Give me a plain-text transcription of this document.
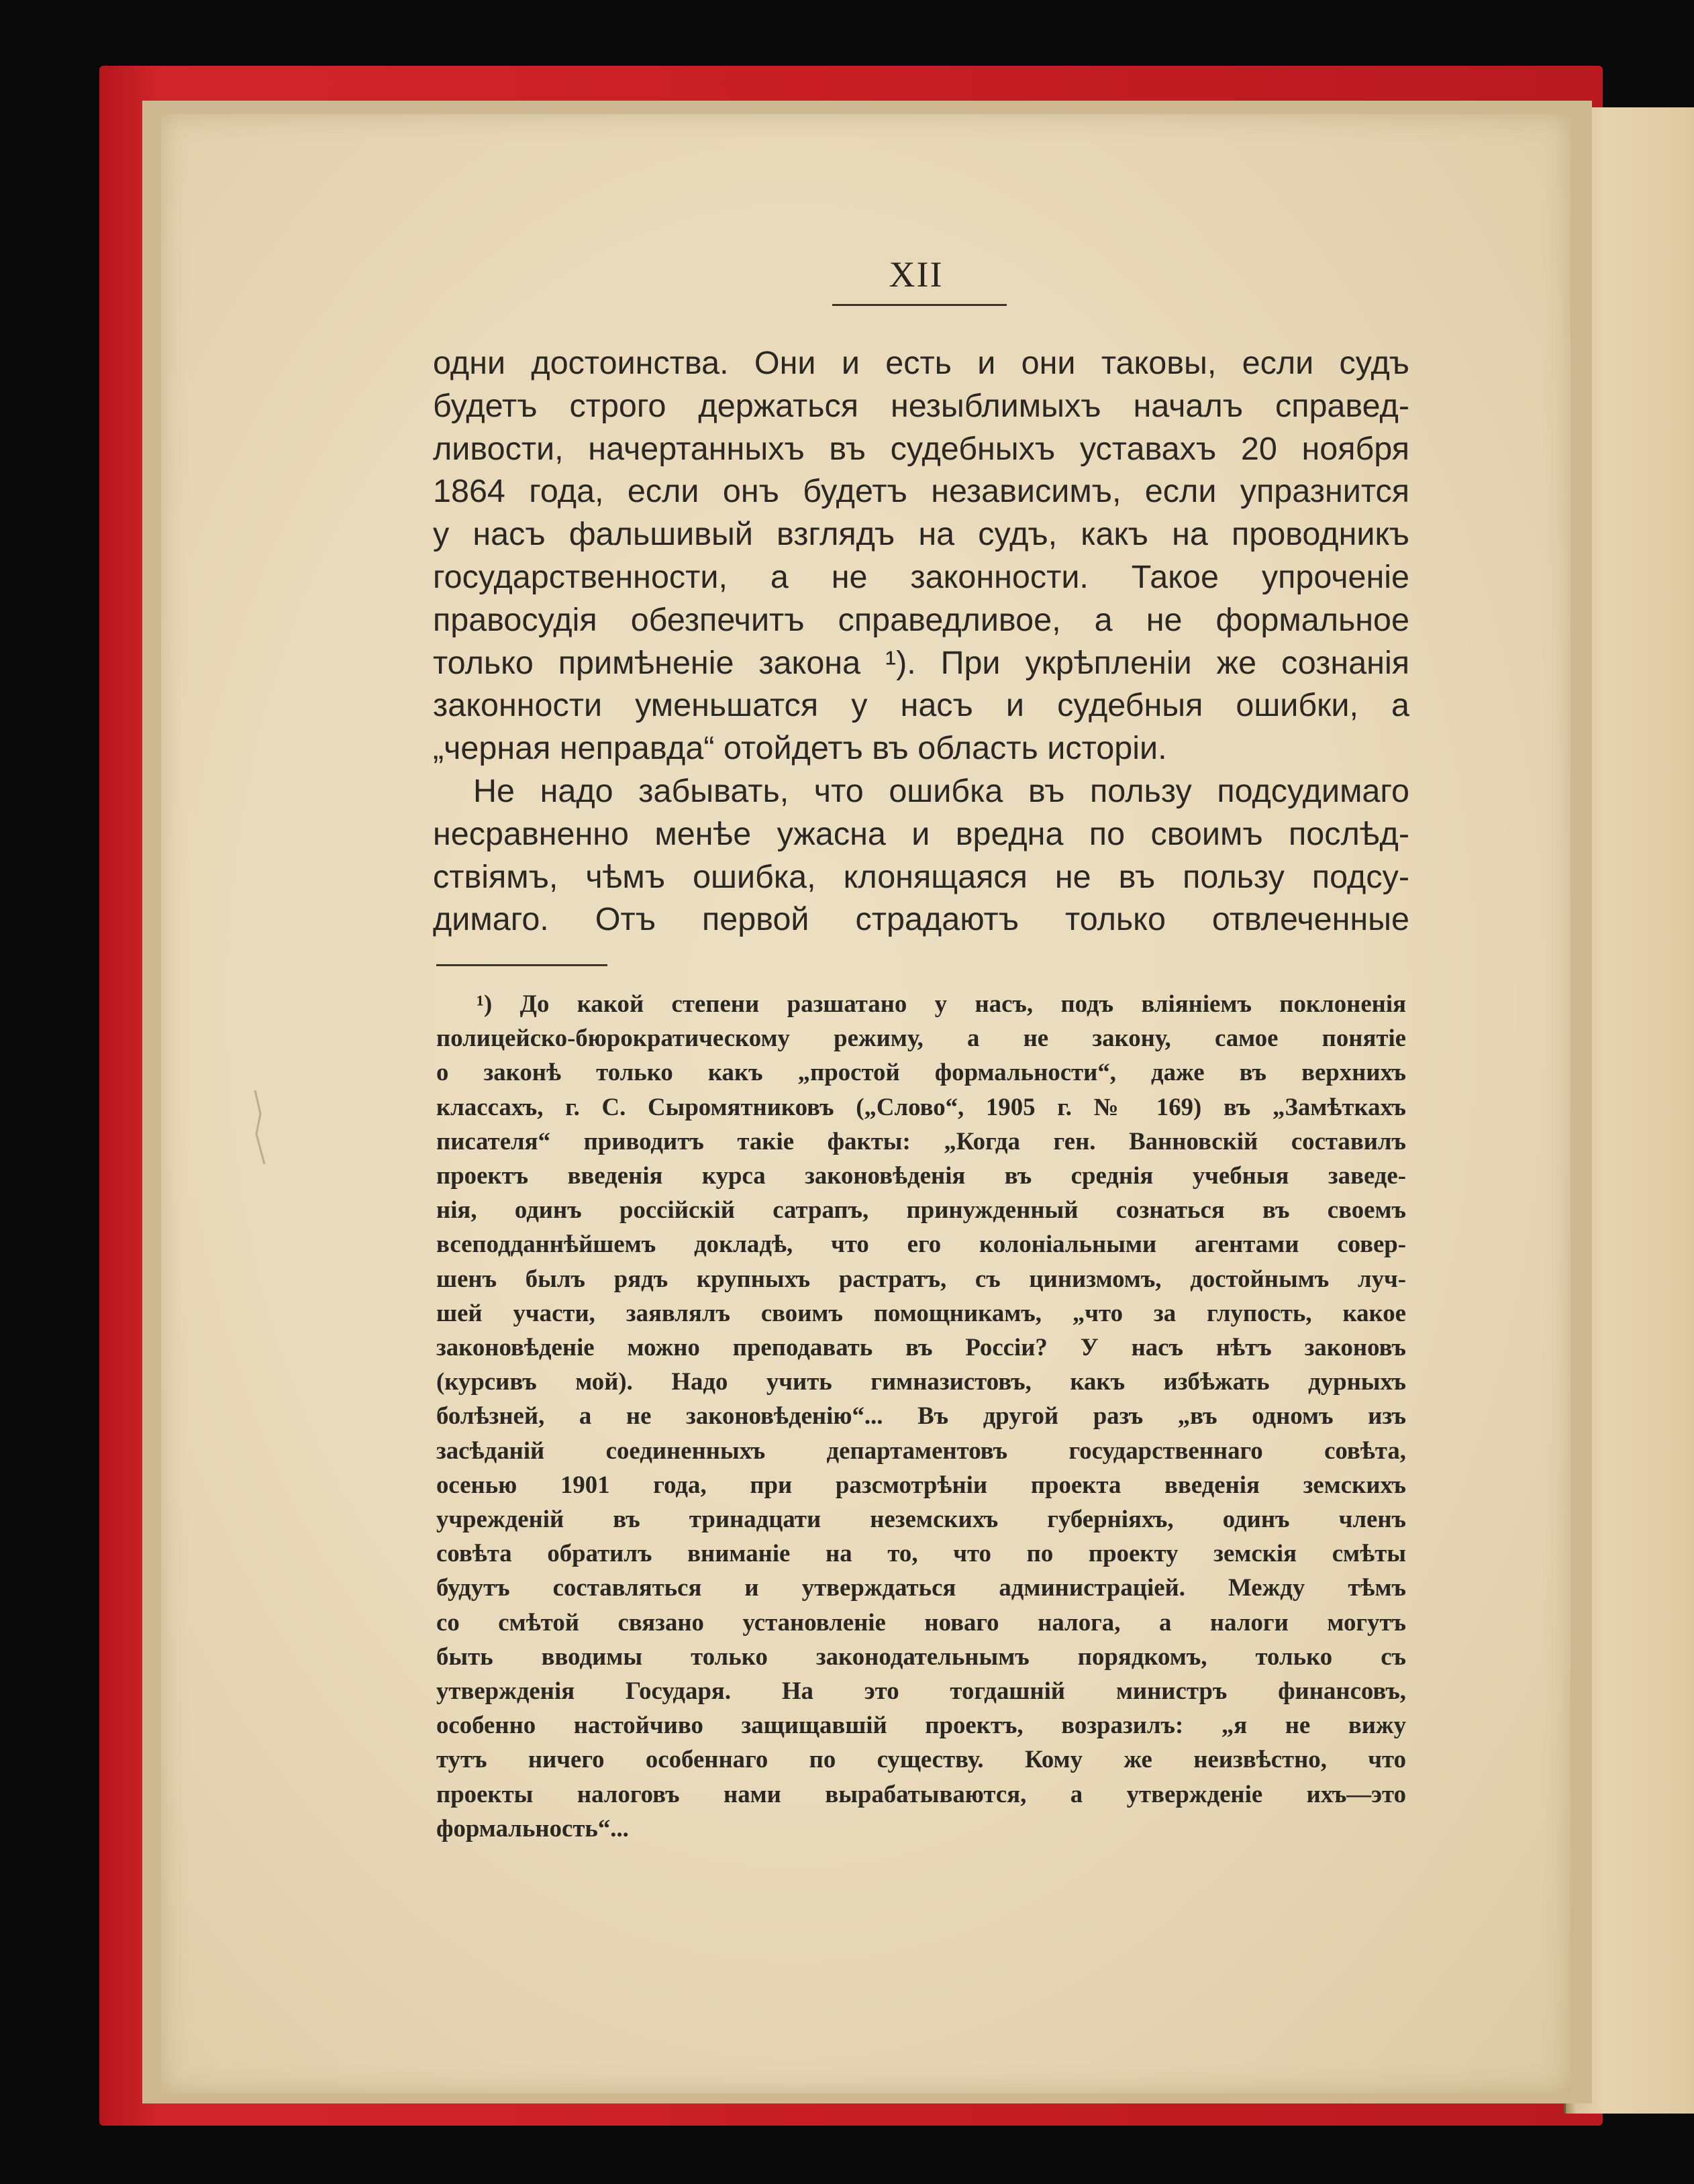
XII
одни достоинства. Они и есть и они таковы, если судъ
будетъ строго держаться незыблимыхъ началъ справед-
ливости, начертанныхъ въ судебныхъ уставахъ 20 ноября
1864 года, если онъ будетъ независимъ, если упразнится
у насъ фальшивый взглядъ на судъ, какъ на проводникъ
государственности, а не законности. Такое упроченіе
правосудія обезпечитъ справедливое, а не формальное
только примѣненіе закона ¹). При укрѣпленіи же сознанія
законности уменьшатся у насъ и судебныя ошибки, а
„черная неправда“ отойдетъ въ область исторіи.
Не надо забывать, что ошибка въ пользу подсудимаго
несравненно менѣе ужасна и вредна по своимъ послѣд-
ствіямъ, чѣмъ ошибка, клонящаяся не въ пользу подсу-
димаго. Отъ первой страдаютъ только отвлеченные
¹) До какой степени разшатано у насъ, подъ вліяніемъ поклоненія
полицейско-бюрократическому режиму, а не закону, самое понятіе
о законѣ только какъ „простой формальности“, даже въ верхнихъ
классахъ, г. С. Сыромятниковъ („Слово“, 1905 г. № 169) въ „Замѣткахъ
писателя“ приводитъ такіе факты: „Когда ген. Ванновскій составилъ
проектъ введенія курса законовѣденія въ среднія учебныя заведе-
нія, одинъ россійскій сатрапъ, принужденный сознаться въ своемъ
всеподданнѣйшемъ докладѣ, что его колоніальными агентами совер-
шенъ былъ рядъ крупныхъ растратъ, съ цинизмомъ, достойнымъ луч-
шей участи, заявлялъ своимъ помощникамъ, „что за глупость, какое
законовѣденіе можно преподавать въ Россіи? У насъ нѣтъ законовъ
(курсивъ мой). Надо учить гимназистовъ, какъ избѣжать дурныхъ
болѣзней, а не законовѣденію“... Въ другой разъ „въ одномъ изъ
засѣданій соединенныхъ департаментовъ государственнаго совѣта,
осенью 1901 года, при разсмотрѣніи проекта введенія земскихъ
учрежденій въ тринадцати неземскихъ губерніяхъ, одинъ членъ
совѣта обратилъ вниманіе на то, что по проекту земскія смѣты
будутъ составляться и утверждаться администраціей. Между тѣмъ
со смѣтой связано установленіе новаго налога, а налоги могутъ
быть вводимы только законодательнымъ порядкомъ, только съ
утвержденія Государя. На это тогдашній министръ финансовъ,
особенно настойчиво защищавшій проектъ, возразилъ: „я не вижу
тутъ ничего особеннаго по существу. Кому же неизвѣстно, что
проекты налоговъ нами вырабатываются, а утвержденіе ихъ—это
формальность“...
